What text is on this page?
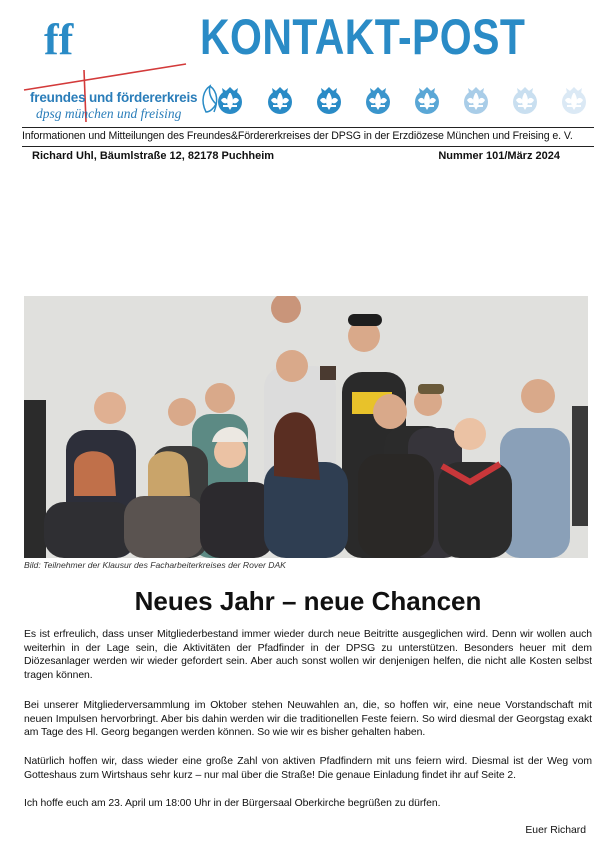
ff
freundes und fördererkreis
dpsg münchen und freising
KONTAKT-POST
Informationen und Mitteilungen des Freundes&Fördererkreises der DPSG in der Erzdiözese München und Freising e. V.
Richard Uhl, Bäumlstraße 12, 82178 Puchheim	Nummer 101/März 2024
Bild: Teilnehmer der Klausur des Facharbeiterkreises der Rover DAK
Neues Jahr – neue Chancen

Es ist erfreulich, dass unser Mitgliederbestand immer wieder durch neue Beitritte ausgeglichen wird. Denn wir wollen auch weiterhin in der Lage sein, die Aktivitäten der Pfadfinder in der DPSG zu unterstützen. Besonders heuer mit dem Diözesanlager werden wir wieder gefordert sein. Aber auch sonst wollen wir denjenigen helfen, die nicht alle Kosten selbst tragen können.

Bei unserer Mitgliederversammlung im Oktober stehen Neuwahlen an, die, so hoffen wir, eine neue Vorstandschaft mit neuen Impulsen hervorbringt. Aber bis dahin werden wir die traditionellen Feste feiern. So wird diesmal der Georgstag exakt am Tage des Hl. Georg begangen werden können. So wie wir es bisher gehalten haben.

Natürlich hoffen wir, dass wieder eine große Zahl von aktiven Pfadfindern mit uns feiern wird. Diesmal ist der Weg vom Gotteshaus zum Wirtshaus sehr kurz – nur mal über die Straße! Die genaue Einladung findet ihr auf Seite 2.

Ich hoffe euch am 23. April um 18:00 Uhr in der Bürgersaal Oberkirche begrüßen zu dürfen.

Euer Richard
